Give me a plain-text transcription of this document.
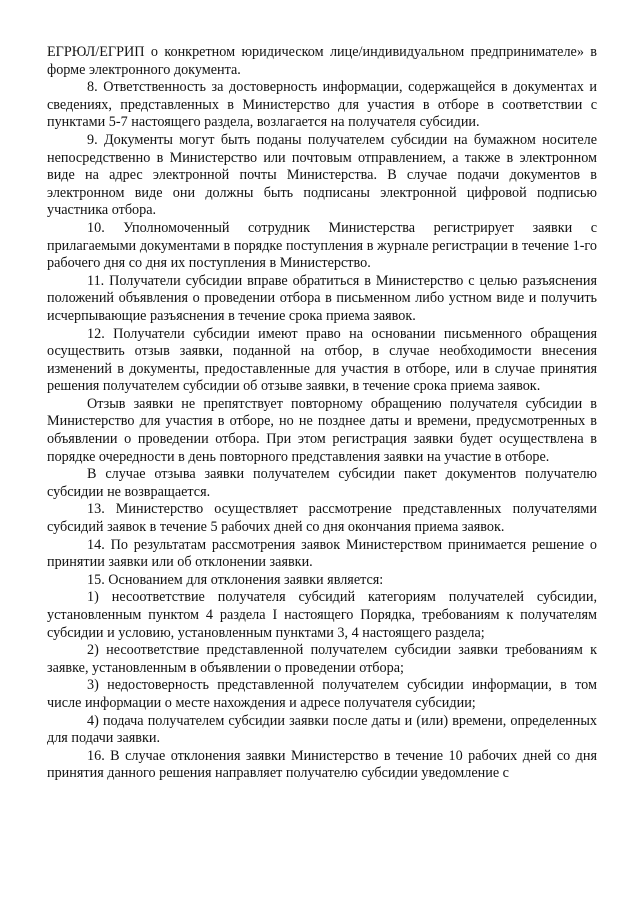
ЕГРЮЛ/ЕГРИП о конкретном юридическом лице/индивидуальном предпринимателе» в форме электронного документа.

8. Ответственность за достоверность информации, содержащейся в документах и сведениях, представленных в Министерство для участия в отборе в соответствии с пунктами 5-7 настоящего раздела, возлагается на получателя субсидии.

9. Документы могут быть поданы получателем субсидии на бумажном носителе непосредственно в Министерство или почтовым отправлением, а также в электронном виде на адрес электронной почты Министерства. В случае подачи документов в электронном виде они должны быть подписаны электронной цифровой подписью участника отбора.

10. Уполномоченный сотрудник Министерства регистрирует заявки с прилагаемыми документами в порядке поступления в журнале регистрации в течение 1-го рабочего дня со дня их поступления в Министерство.

11. Получатели субсидии вправе обратиться в Министерство с целью разъяснения положений объявления о проведении отбора в письменном либо устном виде и получить исчерпывающие разъяснения в течение срока приема заявок.

12. Получатели субсидии имеют право на основании письменного обращения осуществить отзыв заявки, поданной на отбор, в случае необходимости внесения изменений в документы, предоставленные для участия в отборе, или в случае принятия решения получателем субсидии об отзыве заявки, в течение срока приема заявок.

Отзыв заявки не препятствует повторному обращению получателя субсидии в Министерство для участия в отборе, но не позднее даты и времени, предусмотренных в объявлении о проведении отбора. При этом регистрация заявки будет осуществлена в порядке очередности в день повторного представления заявки на участие в отборе.

В случае отзыва заявки получателем субсидии пакет документов получателю субсидии не возвращается.

13. Министерство осуществляет рассмотрение представленных получателями субсидий заявок в течение 5 рабочих дней со дня окончания приема заявок.

14. По результатам рассмотрения заявок Министерством принимается решение о принятии заявки или об отклонении заявки.

15. Основанием для отклонения заявки является:

1) несоответствие получателя субсидий категориям получателей субсидии, установленным пунктом 4 раздела I настоящего Порядка, требованиям к получателям субсидии и условию, установленным пунктами 3, 4 настоящего раздела;

2) несоответствие представленной получателем субсидии заявки требованиям к заявке, установленным в объявлении о проведении отбора;

3) недостоверность представленной получателем субсидии информации, в том числе информации о месте нахождения и адресе получателя субсидии;

4) подача получателем субсидии заявки после даты и (или) времени, определенных для подачи заявки.

16. В случае отклонения заявки Министерство в течение 10 рабочих дней со дня принятия данного решения направляет получателю субсидии уведомление с
